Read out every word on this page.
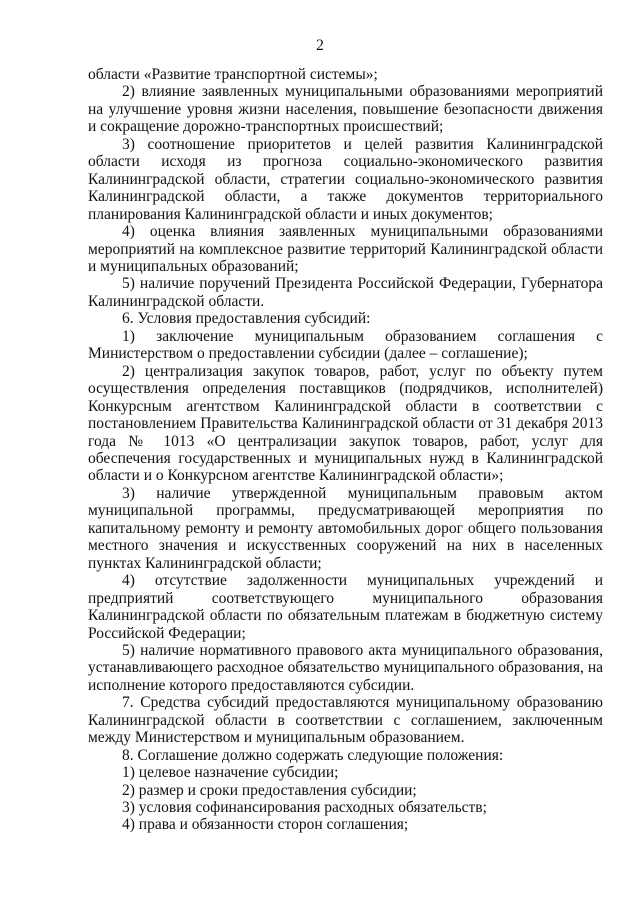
2

области «Развитие транспортной системы»;

2) влияние заявленных муниципальными образованиями мероприятий на улучшение уровня жизни населения, повышение безопасности движения и сокращение дорожно-транспортных происшествий;

3) соотношение приоритетов и целей развития Калининградской области исходя из прогноза социально-экономического развития Калининградской области, стратегии социально-экономического развития Калининградской области, а также документов территориального планирования Калининградской области и иных документов;

4) оценка влияния заявленных муниципальными образованиями мероприятий на комплексное развитие территорий Калининградской области и муниципальных образований;

5) наличие поручений Президента Российской Федерации, Губернатора Калининградской области.

6. Условия предоставления субсидий:

1) заключение муниципальным образованием соглашения с Министерством о предоставлении субсидии (далее – соглашение);

2) централизация закупок товаров, работ, услуг по объекту путем осуществления определения поставщиков (подрядчиков, исполнителей) Конкурсным агентством Калининградской области в соответствии с постановлением Правительства Калининградской области от 31 декабря 2013 года № 1013 «О централизации закупок товаров, работ, услуг для обеспечения государственных и муниципальных нужд в Калининградской области и о Конкурсном агентстве Калининградской области»;

3) наличие утвержденной муниципальным правовым актом муниципальной программы, предусматривающей мероприятия по капитальному ремонту и ремонту автомобильных дорог общего пользования местного значения и искусственных сооружений на них в населенных пунктах Калининградской области;

4) отсутствие задолженности муниципальных учреждений и предприятий соответствующего муниципального образования Калининградской области по обязательным платежам в бюджетную систему Российской Федерации;

5) наличие нормативного правового акта муниципального образования, устанавливающего расходное обязательство муниципального образования, на исполнение которого предоставляются субсидии.

7. Средства субсидий предоставляются муниципальному образованию Калининградской области в соответствии с соглашением, заключенным между Министерством и муниципальным образованием.

8. Соглашение должно содержать следующие положения:

1) целевое назначение субсидии;

2) размер и сроки предоставления субсидии;

3) условия софинансирования расходных обязательств;

4) права и обязанности сторон соглашения;
